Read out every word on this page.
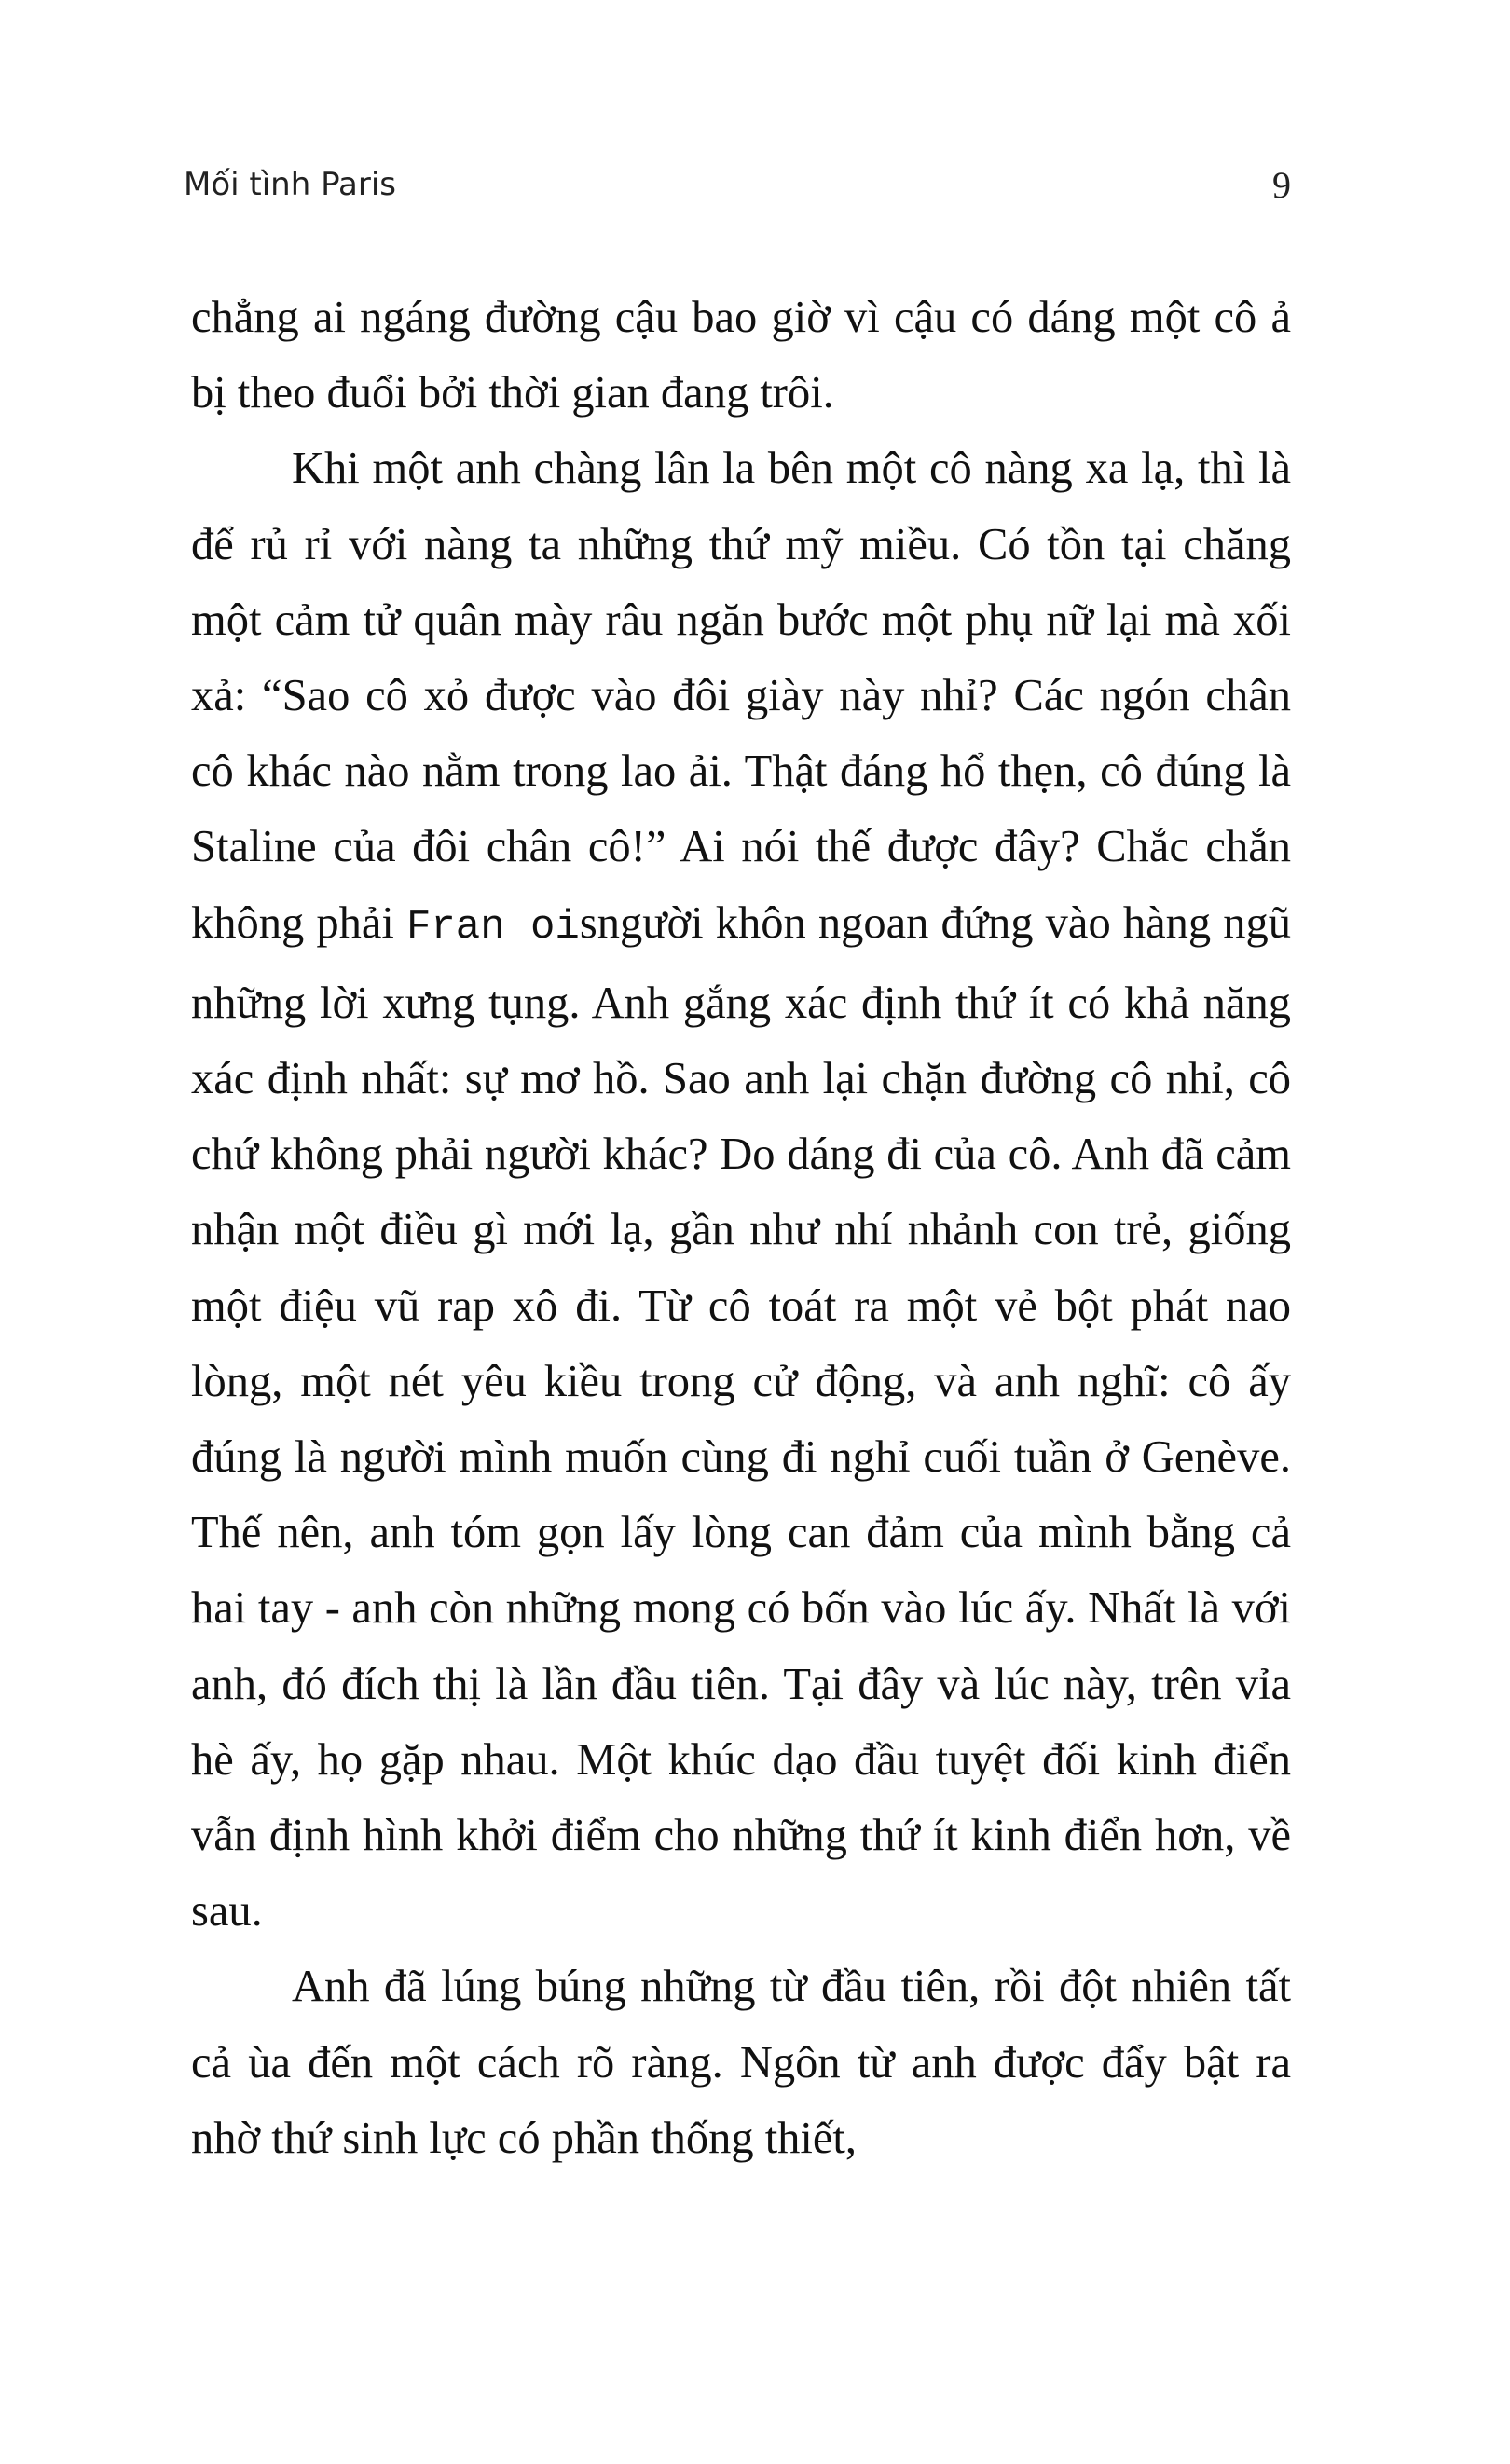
Mối tình Paris	9

chẳng ai ngáng đường cậu bao giờ vì cậu có dáng một cô ả bị theo đuổi bởi thời gian đang trôi.

Khi một anh chàng lân la bên một cô nàng xa lạ, thì là để rủ rỉ với nàng ta những thứ mỹ miều. Có tồn tại chăng một cảm tử quân mày râu ngăn bước một phụ nữ lại mà xối xả: “Sao cô xỏ được vào đôi giày này nhỉ? Các ngón chân cô khác nào nằm trong lao ải. Thật đáng hổ thẹn, cô đúng là Staline của đôi chân cô!” Ai nói thế được đây? Chắc chắn không phải Fran oisngười khôn ngoan đứng vào hàng ngũ những lời xưng tụng. Anh gắng xác định thứ ít có khả năng xác định nhất: sự mơ hồ. Sao anh lại chặn đường cô nhỉ, cô chứ không phải người khác? Do dáng đi của cô. Anh đã cảm nhận một điều gì mới lạ, gần như nhí nhảnh con trẻ, giống một điệu vũ rap xô đi. Từ cô toát ra một vẻ bột phát nao lòng, một nét yêu kiều trong cử động, và anh nghĩ: cô ấy đúng là người mình muốn cùng đi nghỉ cuối tuần ở Genève. Thế nên, anh tóm gọn lấy lòng can đảm của mình bằng cả hai tay - anh còn những mong có bốn vào lúc ấy. Nhất là với anh, đó đích thị là lần đầu tiên. Tại đây và lúc này, trên vỉa hè ấy, họ gặp nhau. Một khúc dạo đầu tuyệt đối kinh điển vẫn định hình khởi điểm cho những thứ ít kinh điển hơn, về sau.

Anh đã lúng búng những từ đầu tiên, rồi đột nhiên tất cả ùa đến một cách rõ ràng. Ngôn từ anh được đẩy bật ra nhờ thứ sinh lực có phần thống thiết,
